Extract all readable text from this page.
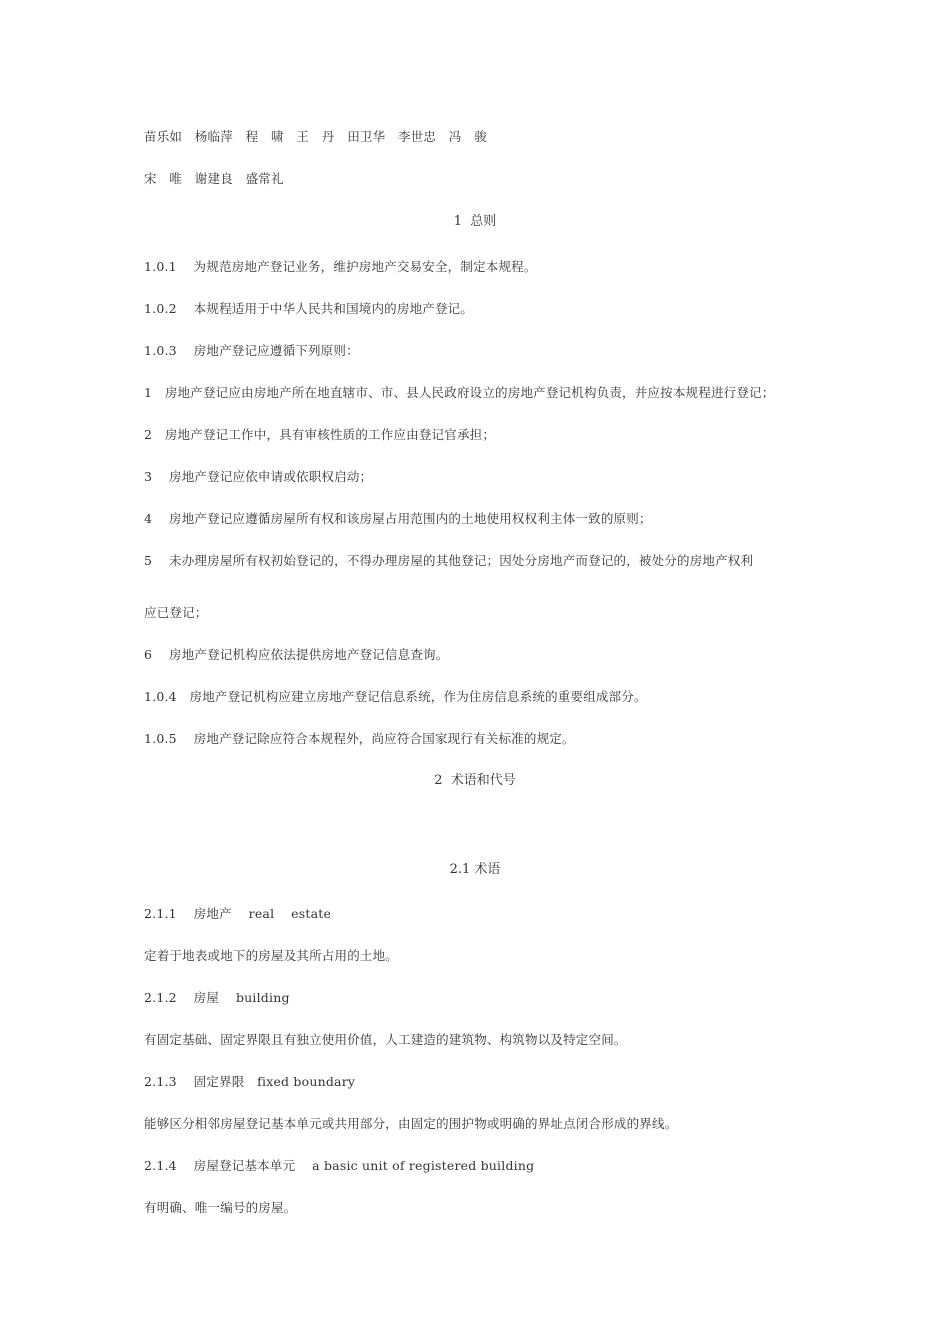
苗乐如　杨临萍　程　啸　王　丹　田卫华　李世忠　冯　骏

宋　唯　谢建良　盛常礼

1  总则

1.0.1　 为规范房地产登记业务，维护房地产交易安全，制定本规程。

1.0.2　 本规程适用于中华人民共和国境内的房地产登记。

1.0.3　 房地产登记应遵循下列原则：

1　房地产登记应由房地产所在地直辖市、市、县人民政府设立的房地产登记机构负责，并应按本规程进行登记；

2　房地产登记工作中，具有审核性质的工作应由登记官承担；

3　 房地产登记应依申请或依职权启动；

4　 房地产登记应遵循房屋所有权和该房屋占用范围内的土地使用权权利主体一致的原则；

5　 未办理房屋所有权初始登记的，不得办理房屋的其他登记；因处分房地产而登记的，被处分的房地产权利

应已登记；

6　 房地产登记机构应依法提供房地产登记信息查询。

1.0.4　房地产登记机构应建立房地产登记信息系统，作为住房信息系统的重要组成部分。

1.0.5　 房地产登记除应符合本规程外，尚应符合国家现行有关标准的规定。

2  术语和代号

2.1 术语

2.1.1　 房地产　 real　 estate

定着于地表或地下的房屋及其所占用的土地。

2.1.2　 房屋　 building

有固定基础、固定界限且有独立使用价值，人工建造的建筑物、构筑物以及特定空间。

2.1.3　 固定界限　fixed boundary

能够区分相邻房屋登记基本单元或共用部分，由固定的围护物或明确的界址点闭合形成的界线。

2.1.4　 房屋登记基本单元　 a basic unit of registered building

有明确、唯一编号的房屋。
